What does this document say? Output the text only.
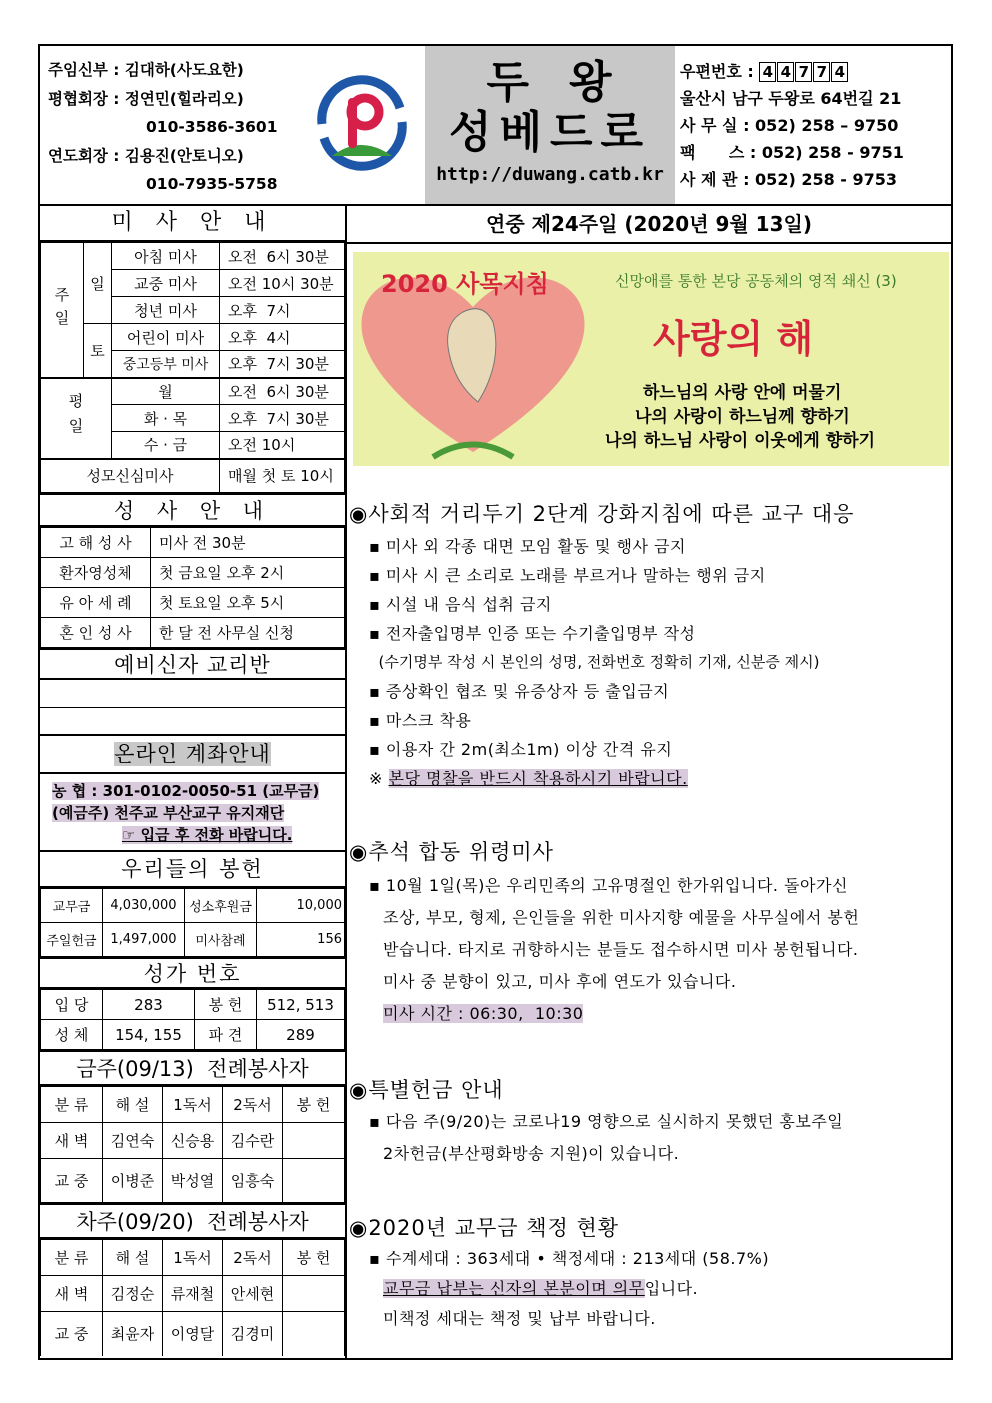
주임신부 : 김대하(사도요한)
평협회장 : 정연민(힐라리오)
010-3586-3601
연도회장 : 김용진(안토니오)
010-7935-5758
두왕
성베드로
http://duwang.catb.kr
우편번호 : 4 4 7 7 4
울산시 남구 두왕로 64번길 21
사 무 실 : 052) 258 – 9750
팩      스 : 052) 258 - 9751
사 제 관 : 052) 258 - 9753
미 사 안 내
주일	일	아침 미사	오전  6시 30분
		교중 미사	오전 10시 30분
		청년 미사	오후  7시
	토	어린이 미사	오후  4시
		중고등부 미사	오후  7시 30분
평일		월	오전  6시 30분
		화 · 목	오후  7시 30분
		수 · 금	오전 10시
성모신심미사			매월 첫 토 10시
성 사 안 내
고 해 성 사	미사 전 30분
환자영성체	첫 금요일 오후 2시
유 아 세 례	첫 토요일 오후 5시
혼 인 성 사	한 달 전 사무실 신청
예비신자 교리반
온라인 계좌안내
농 협 : 301-0102-0050-51 (교무금)
(예금주) 천주교 부산교구 유지재단
☞ 입금 후 전화 바랍니다.
우리들의 봉헌
교무금	4,030,000	성소후원금	10,000
주일헌금	1,497,000	미사참례	156
성가 번호
입 당	283	봉 헌	512, 513
성 체	154, 155	파 견	289
금주(09/13)  전례봉사자
분 류	해 설	1독서	2독서	봉 헌
새 벽	김연숙	신승용	김수란	
교 중	이병준	박성열	임흥숙	
차주(09/20)  전례봉사자
분 류	해 설	1독서	2독서	봉 헌
새 벽	김정순	류재철	안세현	
교 중	최윤자	이영달	김경미	
연중 제24주일 (2020년 9월 13일)
2020 사목지침	신망애를 통한 본당 공동체의 영적 쇄신 (3)
사랑의 해
하느님의 사랑 안에 머물기
나의 사랑이 하느님께 향하기
나의 하느님 사랑이 이웃에게 향하기
◉사회적 거리두기 2단계 강화지침에 따른 교구 대응
▪ 미사 외 각종 대면 모임 활동 및 행사 금지
▪ 미사 시 큰 소리로 노래를 부르거나 말하는 행위 금지
▪ 시설 내 음식 섭취 금지
▪ 전자출입명부 인증 또는 수기출입명부 작성
(수기명부 작성 시 본인의 성명, 전화번호 정확히 기재, 신분증 제시)
▪ 증상확인 협조 및 유증상자 등 출입금지
▪ 마스크 착용
▪ 이용자 간 2m(최소1m) 이상 간격 유지
※ 본당 명찰을 반드시 착용하시기 바랍니다.
◉추석 합동 위령미사
▪ 10월 1일(목)은 우리민족의 고유명절인 한가위입니다. 돌아가신
조상, 부모, 형제, 은인들을 위한 미사지향 예물을 사무실에서 봉헌
받습니다. 타지로 귀향하시는 분들도 접수하시면 미사 봉헌됩니다.
미사 중 분향이 있고, 미사 후에 연도가 있습니다.
미사 시간 : 06:30,  10:30
◉특별헌금 안내
▪ 다음 주(9/20)는 코로나19 영향으로 실시하지 못했던 홍보주일
2차헌금(부산평화방송 지원)이 있습니다.
◉2020년 교무금 책정 현황
▪ 수계세대 : 363세대 • 책정세대 : 213세대 (58.7%)
교무금 납부는 신자의 본분이며 의무입니다.
미책정 세대는 책정 및 납부 바랍니다.
